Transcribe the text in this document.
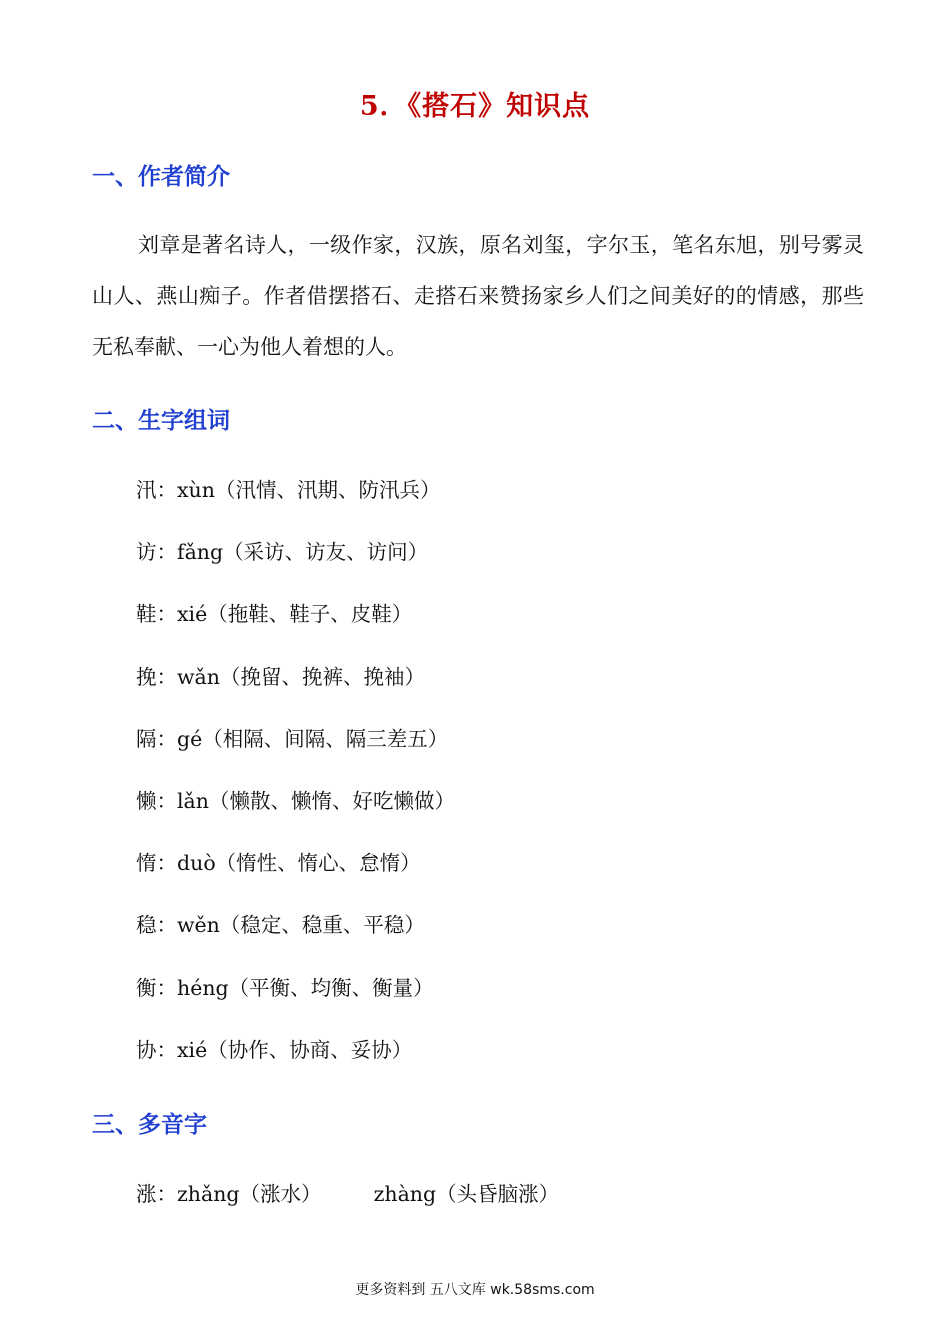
5．《搭石》知识点
一、作者简介

刘章是著名诗人，一级作家，汉族，原名刘玺，字尔玉，笔名东旭，别号雾灵山人、燕山痴子。作者借摆搭石、走搭石来赞扬家乡人们之间美好的的情感，那些无私奉献、一心为他人着想的人。

二、生字组词
汛：xùn（汛情、汛期、防汛兵）
访：fǎng（采访、访友、访问）
鞋：xié（拖鞋、鞋子、皮鞋）
挽：wǎn（挽留、挽裤、挽袖）
隔：gé（相隔、间隔、隔三差五）
懒：lǎn（懒散、懒惰、好吃懒做）
惰：duò（惰性、惰心、怠惰）
稳：wěn（稳定、稳重、平稳）
衡：héng（平衡、均衡、衡量）
协：xié（协作、协商、妥协）
三、多音字
涨：zhǎng（涨水）	zhàng（头昏脑涨）
更多资料到 五八文库 wk.58sms.com
